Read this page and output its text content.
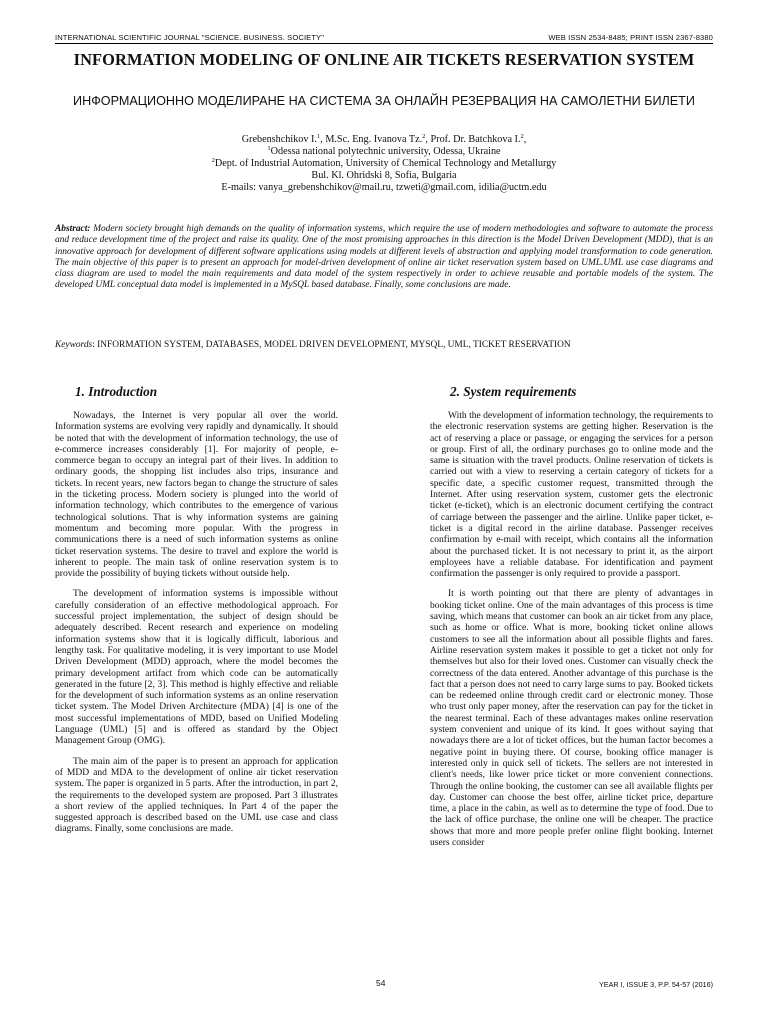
INTERNATIONAL SCIENTIFIC JOURNAL "SCIENCE. BUSINESS. SOCIETY"	WEB ISSN 2534-8485; PRINT ISSN 2367-8380
INFORMATION MODELING OF ONLINE AIR TICKETS RESERVATION SYSTEM
ИНФОРМАЦИОННО МОДЕЛИРАНЕ НА СИСТЕМА ЗА ОНЛАЙН РЕЗЕРВАЦИЯ НА САМОЛЕТНИ БИЛЕТИ
Grebenshchikov I.$^1$, M.Sc. Eng. Ivanova Tz.$^2$, Prof. Dr. Batchkova I.$^2$,
$^1$Odessa national polytechnic university, Odessa, Ukraine
$^2$Dept. of Industrial Automation, University of Chemical Technology and Metallurgy
Bul. Kl. Ohridski 8, Sofia, Bulgaria
E-mails: vanya_grebenshchikov@mail.ru, tzweti@gmail.com, idilia@uctm.edu
Abstract: Modern society brought high demands on the quality of information systems, which require the use of modern methodologies and software to automate the process and reduce development time of the project and raise its quality. One of the most promising approaches in this direction is the Model Driven Development (MDD), that is an innovative approach for development of different software applications using models at different levels of abstraction and applying model transformation to code generation. The main objective of this paper is to present an approach for model-driven development of online air ticket reservation system based on UML.UML use case diagrams and class diagram are used to model the main requirements and data model of the system respectively in order to achieve reusable and portable models of the system. The developed UML conceptual data model is implemented in a MySQL based database. Finally, some conclusions are made.
Keywords: INFORMATION SYSTEM, DATABASES, MODEL DRIVEN DEVELOPMENT, MYSQL, UML, TICKET RESERVATION
1. Introduction

Nowadays, the Internet is very popular all over the world. Information systems are evolving very rapidly and dynamically. It should be noted that with the development of information technology, the use of e-commerce increases considerably [1]. For majority of people, e-commerce began to occupy an integral part of their lives. In addition to ordinary goods, the shopping list includes also trips, insurance and tickets. In recent years, new factors began to change the structure of sales in the ticketing process. Modern society is plunged into the world of information technology, which contributes to the emergence of various technological solutions. That is why information systems are gaining momentum and becoming more popular. With the progress in communications there is a need of such information systems as online ticket reservation systems. The desire to travel and explore the world is inherent to people. The main task of online reservation system is to provide the possibility of buying tickets without outside help.

The development of information systems is impossible without carefully consideration of an effective methodological approach. For successful project implementation, the subject of design should be adequately described. Recent research and experience on modeling information systems show that it is logically difficult, laborious and lengthy task. For qualitative modeling, it is very important to use Model Driven Development (MDD) approach, where the model becomes the primary development artifact from which code can be automatically generated in the future [2, 3]. This method is highly effective and reliable for the development of such information systems as an online reservation ticket system. The Model Driven Architecture (MDA) [4] is one of the most successful implementations of MDD, based on Unified Modeling Language (UML) [5] and is offered as standard by the Object Management Group (OMG).

The main aim of the paper is to present an approach for application of MDD and MDA to the development of online air ticket reservation system. The paper is organized in 5 parts. After the introduction, in part 2, the requirements to the developed system are proposed. Part 3 illustrates a short review of the applied techniques. In Part 4 of the paper the suggested approach is described based on the UML use case and class diagrams. Finally, some conclusions are made.

2. System requirements

With the development of information technology, the requirements to the electronic reservation systems are getting higher. Reservation is the act of reserving a place or passage, or engaging the services for a person or group. First of all, the ordinary purchases go to online mode and the same is situation with the travel products. Online reservation of tickets is carried out with a view to reserving a certain category of tickets for a specific date, a specific customer request, transmitted through the Internet. After using reservation system, customer gets the electronic ticket (e-ticket), which is an electronic document certifying the contract of carriage between the passenger and the airline. Unlike paper ticket, e-ticket is a digital record in the airline database. Passenger receives confirmation by e-mail with receipt, which contains all the information about the purchased ticket. It is not necessary to print it, as the airport employees have a reliable database. For identification and payment confirmation the passenger is only required to provide a passport.

It is worth pointing out that there are plenty of advantages in booking ticket online. One of the main advantages of this process is time saving, which means that customer can book an air ticket from any place, such as home or office. What is more, booking ticket online allows customers to see all the information about all possible flights and fares. Airline reservation system makes it possible to get a ticket not only for themselves but also for their loved ones. Customer can visually check the correctness of the data entered. Another advantage of this purchase is the fact that a person does not need to carry large sums to pay. Booked tickets can be redeemed online through credit card or electronic money. Those who trust only paper money, after the reservation can pay for the ticket in the nearest terminal. Each of these advantages makes online reservation system convenient and unique of its kind. It goes without saying that nowadays there are a lot of ticket offices, but the human factor becomes a negative point in buying there. Of course, booking office manager is interested only in quick sell of tickets. The sellers are not interested in client's needs, like lower price ticket or more convenient connections. Through the online booking, the customer can see all available flights per day. Customer can choose the best offer, airline ticket price, departure time, a place in the cabin, as well as to determine the type of food. Due to the lack of office purchase, the online one will be cheaper. The practice shows that more and more people prefer online flight booking. Internet users consider

54	YEAR I, ISSUE 3, P.P. 54-57 (2016)
